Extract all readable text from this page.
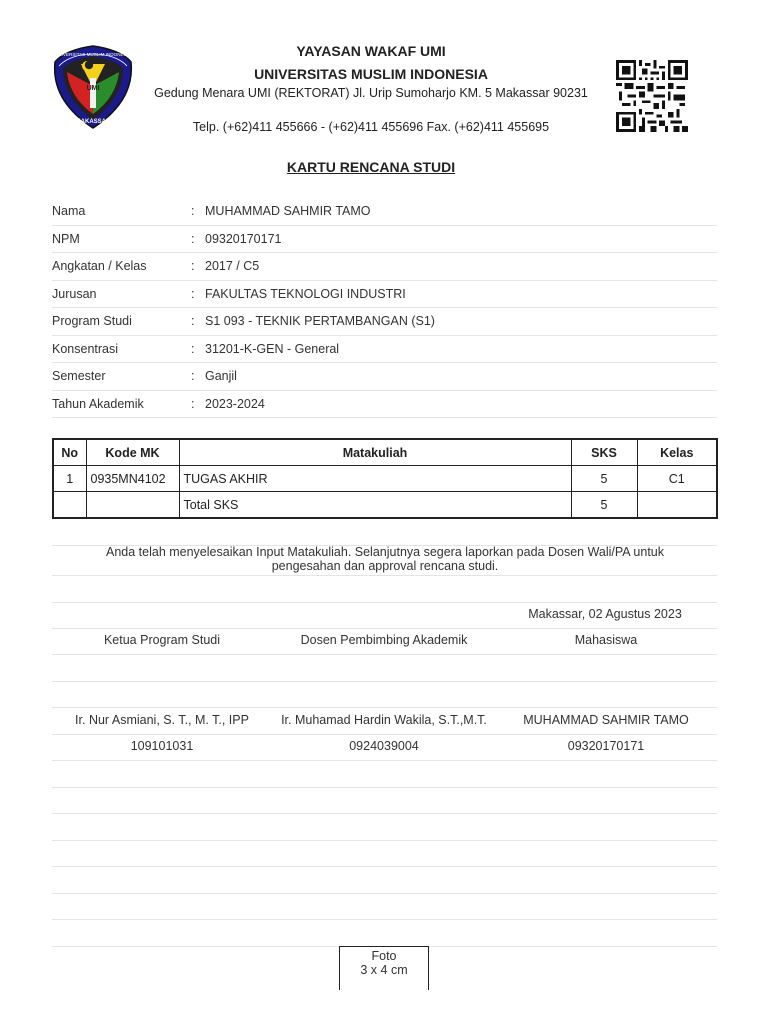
UNIVERSITAS MUSLIM INDONESIA
UMI
MAKASSAR
YAYASAN WAKAF UMI
UNIVERSITAS MUSLIM INDONESIA
Gedung Menara UMI (REKTORAT) Jl. Urip Sumoharjo KM. 5 Makassar 90231
Telp. (+62)411 455666 - (+62)411 455696 Fax. (+62)411 455695
KARTU RENCANA STUDI
Nama	: MUHAMMAD SAHMIR TAMO
NPM	: 09320170171
Angkatan / Kelas	: 2017 / C5
Jurusan	: FAKULTAS TEKNOLOGI INDUSTRI
Program Studi	: S1 093 - TEKNIK PERTAMBANGAN (S1)
Konsentrasi	: 31201-K-GEN - General
Semester	: Ganjil
Tahun Akademik	: 2023-2024
No	Kode MK	Matakuliah	SKS	Kelas
1	0935MN4102	TUGAS AKHIR	5	C1
		Total SKS	5	
Anda telah menyelesaikan Input Matakuliah. Selanjutnya segera laporkan pada Dosen Wali/PA untuk pengesahan dan approval rencana studi.
Makassar, 02 Agustus 2023
Ketua Program Studi	Dosen Pembimbing Akademik	Mahasiswa
Ir. Nur Asmiani, S. T., M. T., IPP	Ir. Muhamad Hardin Wakila, S.T.,M.T.	MUHAMMAD SAHMIR TAMO
109101031	0924039004	09320170171
Foto
3 x 4 cm
